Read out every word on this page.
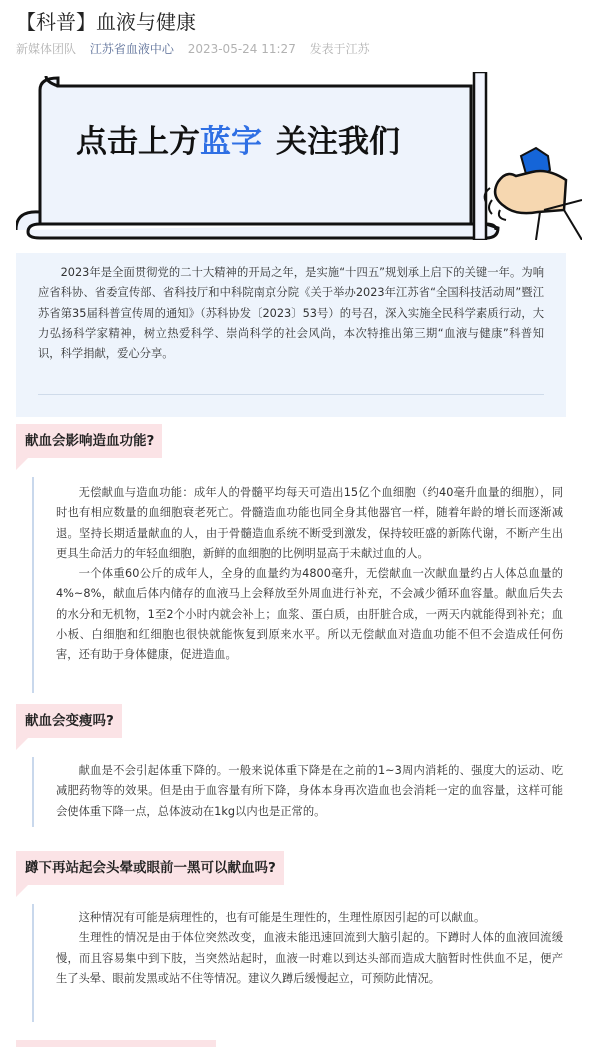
【科普】血液与健康
新媒体团队 江苏省血液中心 2023-05-24 11:27 发表于江苏
点击上方蓝字 关注我们

2023年是全面贯彻党的二十大精神的开局之年，是实施“十四五”规划承上启下的关键一年。为响应省科协、省委宣传部、省科技厅和中科院南京分院《关于举办2023年江苏省“全国科技活动周”暨江苏省第35届科普宣传周的通知》（苏科协发〔2023〕53号）的号召，深入实施全民科学素质行动，大力弘扬科学家精神，树立热爱科学、崇尚科学的社会风尚，本次特推出第三期“血液与健康”科普知识，科学捐献，爱心分享。

献血会影响造血功能?

无偿献血与造血功能：成年人的骨髓平均每天可造出15亿个血细胞（约40毫升血量的细胞），同时也有相应数量的血细胞衰老死亡。骨髓造血功能也同全身其他器官一样，随着年龄的增长而逐渐减退。坚持长期适量献血的人，由于骨髓造血系统不断受到激发，保持较旺盛的新陈代谢，不断产生出更具生命活力的年轻血细胞，新鲜的血细胞的比例明显高于未献过血的人。

一个体重60公斤的成年人，全身的血量约为4800毫升，无偿献血一次献血量约占人体总血量的4%~8%，献血后体内储存的血液马上会释放至外周血进行补充，不会减少循环血容量。献血后失去的水分和无机物，1至2个小时内就会补上；血浆、蛋白质，由肝脏合成，一两天内就能得到补充；血小板、白细胞和红细胞也很快就能恢复到原来水平。所以无偿献血对造血功能不但不会造成任何伤害，还有助于身体健康，促进造血。

献血会变瘦吗?

献血是不会引起体重下降的。一般来说体重下降是在之前的1~3周内消耗的、强度大的运动、吃减肥药物等的效果。但是由于血容量有所下降，身体本身再次造血也会消耗一定的血容量，这样可能会使体重下降一点，总体波动在1kg以内也是正常的。

蹲下再站起会头晕或眼前一黑可以献血吗?

这种情况有可能是病理性的，也有可能是生理性的，生理性原因引起的可以献血。

生理性的情况是由于体位突然改变，血液未能迅速回流到大脑引起的。下蹲时人体的血液回流缓慢，而且容易集中到下肢，当突然站起时，血液一时难以到达头部而造成大脑暂时性供血不足，便产生了头晕、眼前发黑或站不住等情况。建议久蹲后缓慢起立，可预防此情况。
